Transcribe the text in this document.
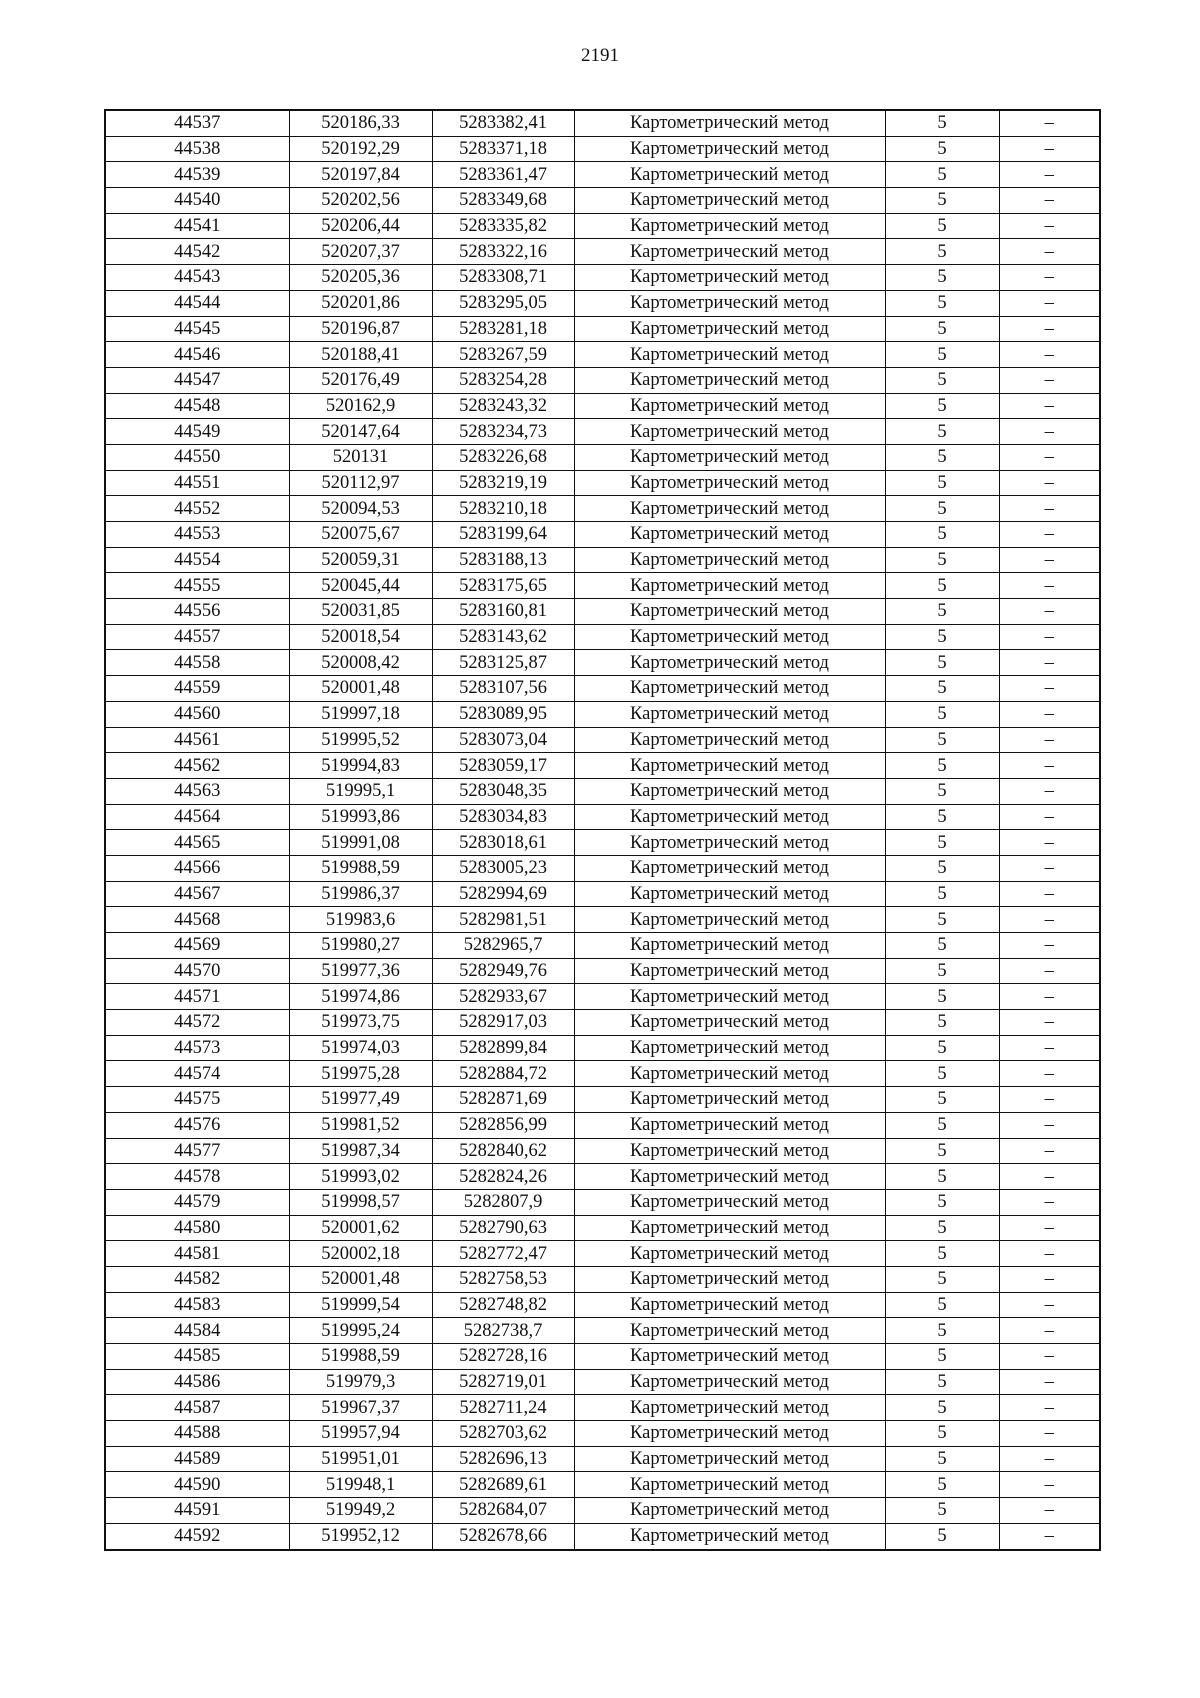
2191
44537	520186,33	5283382,41	Картометрический метод	5	–
44538	520192,29	5283371,18	Картометрический метод	5	–
44539	520197,84	5283361,47	Картометрический метод	5	–
44540	520202,56	5283349,68	Картометрический метод	5	–
44541	520206,44	5283335,82	Картометрический метод	5	–
44542	520207,37	5283322,16	Картометрический метод	5	–
44543	520205,36	5283308,71	Картометрический метод	5	–
44544	520201,86	5283295,05	Картометрический метод	5	–
44545	520196,87	5283281,18	Картометрический метод	5	–
44546	520188,41	5283267,59	Картометрический метод	5	–
44547	520176,49	5283254,28	Картометрический метод	5	–
44548	520162,9	5283243,32	Картометрический метод	5	–
44549	520147,64	5283234,73	Картометрический метод	5	–
44550	520131	5283226,68	Картометрический метод	5	–
44551	520112,97	5283219,19	Картометрический метод	5	–
44552	520094,53	5283210,18	Картометрический метод	5	–
44553	520075,67	5283199,64	Картометрический метод	5	–
44554	520059,31	5283188,13	Картометрический метод	5	–
44555	520045,44	5283175,65	Картометрический метод	5	–
44556	520031,85	5283160,81	Картометрический метод	5	–
44557	520018,54	5283143,62	Картометрический метод	5	–
44558	520008,42	5283125,87	Картометрический метод	5	–
44559	520001,48	5283107,56	Картометрический метод	5	–
44560	519997,18	5283089,95	Картометрический метод	5	–
44561	519995,52	5283073,04	Картометрический метод	5	–
44562	519994,83	5283059,17	Картометрический метод	5	–
44563	519995,1	5283048,35	Картометрический метод	5	–
44564	519993,86	5283034,83	Картометрический метод	5	–
44565	519991,08	5283018,61	Картометрический метод	5	–
44566	519988,59	5283005,23	Картометрический метод	5	–
44567	519986,37	5282994,69	Картометрический метод	5	–
44568	519983,6	5282981,51	Картометрический метод	5	–
44569	519980,27	5282965,7	Картометрический метод	5	–
44570	519977,36	5282949,76	Картометрический метод	5	–
44571	519974,86	5282933,67	Картометрический метод	5	–
44572	519973,75	5282917,03	Картометрический метод	5	–
44573	519974,03	5282899,84	Картометрический метод	5	–
44574	519975,28	5282884,72	Картометрический метод	5	–
44575	519977,49	5282871,69	Картометрический метод	5	–
44576	519981,52	5282856,99	Картометрический метод	5	–
44577	519987,34	5282840,62	Картометрический метод	5	–
44578	519993,02	5282824,26	Картометрический метод	5	–
44579	519998,57	5282807,9	Картометрический метод	5	–
44580	520001,62	5282790,63	Картометрический метод	5	–
44581	520002,18	5282772,47	Картометрический метод	5	–
44582	520001,48	5282758,53	Картометрический метод	5	–
44583	519999,54	5282748,82	Картометрический метод	5	–
44584	519995,24	5282738,7	Картометрический метод	5	–
44585	519988,59	5282728,16	Картометрический метод	5	–
44586	519979,3	5282719,01	Картометрический метод	5	–
44587	519967,37	5282711,24	Картометрический метод	5	–
44588	519957,94	5282703,62	Картометрический метод	5	–
44589	519951,01	5282696,13	Картометрический метод	5	–
44590	519948,1	5282689,61	Картометрический метод	5	–
44591	519949,2	5282684,07	Картометрический метод	5	–
44592	519952,12	5282678,66	Картометрический метод	5	–
